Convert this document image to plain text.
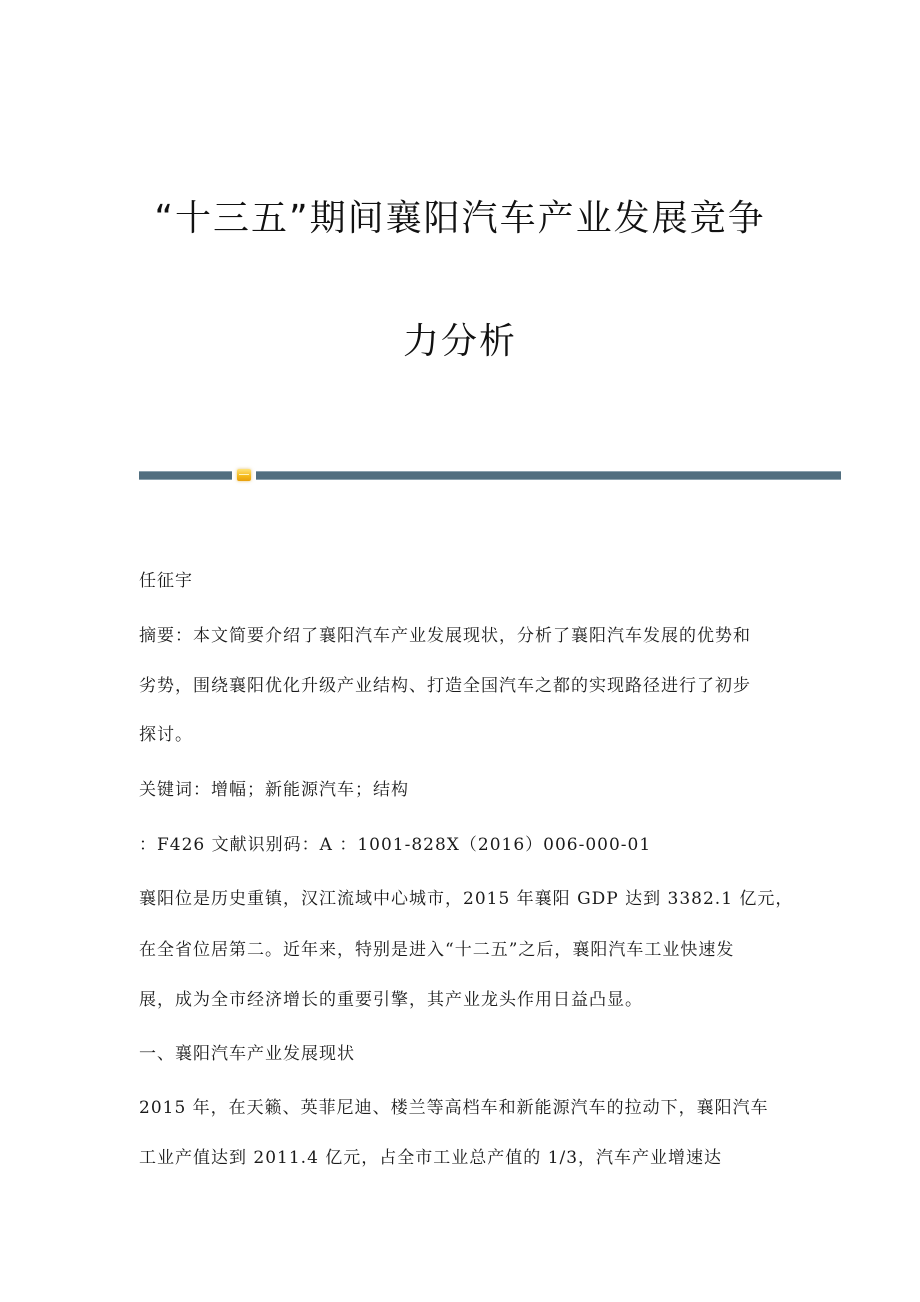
“十三五”期间襄阳汽车产业发展竞争
力分析
任征宇
摘要：本文简要介绍了襄阳汽车产业发展现状，分析了襄阳汽车发展的优势和
劣势，围绕襄阳优化升级产业结构、打造全国汽车之都的实现路径进行了初步
探讨。
关键词：增幅；新能源汽车；结构
：F426 文献识别码：A ：1001-828X（2016）006-000-01
襄阳位是历史重镇，汉江流域中心城市，2015 年襄阳 GDP 达到 3382.1 亿元，
在全省位居第二。近年来，特别是进入“十二五”之后，襄阳汽车工业快速发
展，成为全市经济增长的重要引擎，其产业龙头作用日益凸显。
一、襄阳汽车产业发展现状
2015 年，在天籁、英菲尼迪、楼兰等高档车和新能源汽车的拉动下，襄阳汽车
工业产值达到 2011.4 亿元，占全市工业总产值的 1/3，汽车产业增速达
